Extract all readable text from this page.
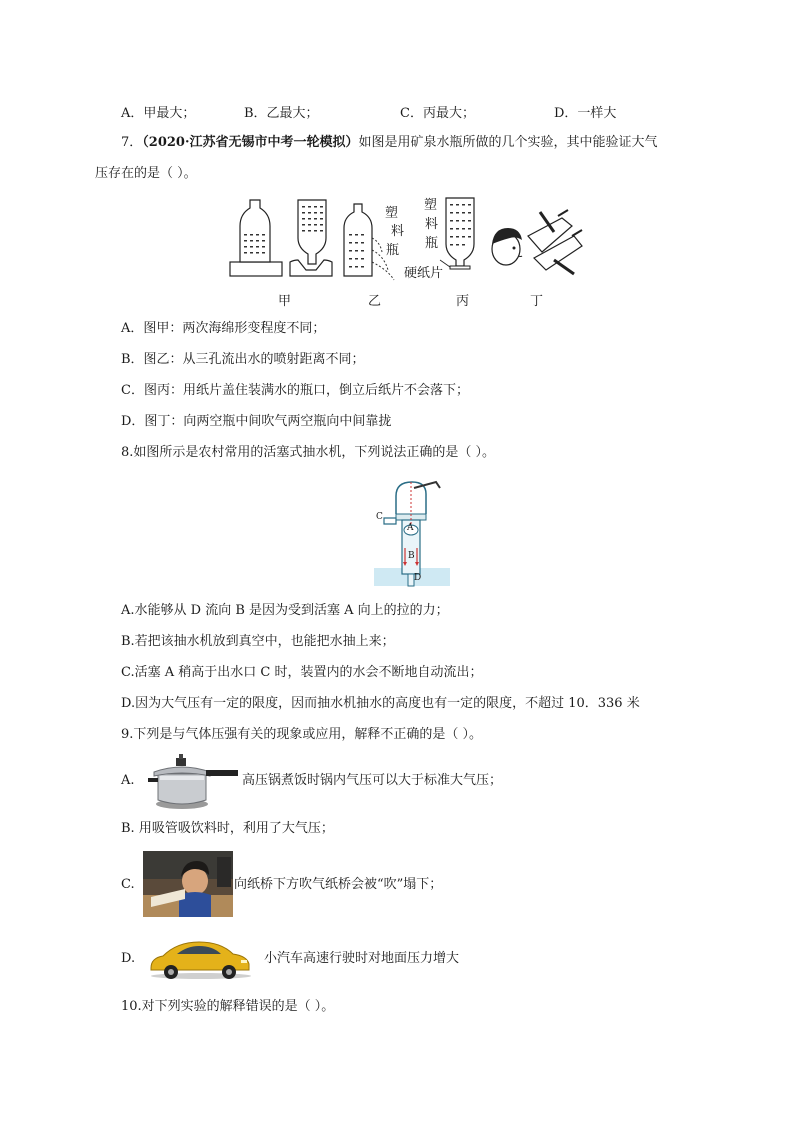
A．甲最大；	B．乙最大；	C．丙最大；	D．一样大
7．（2020·江苏省无锡市中考一轮模拟）如图是用矿泉水瓶所做的几个实验，其中能验证大气
压存在的是（ ）。
塑
料
瓶
塑
料
瓶
硬纸片
甲	乙	丙	丁
A．图甲：两次海绵形变程度不同；
B．图乙：从三孔流出水的喷射距离不同；
C．图丙：用纸片盖住装满水的瓶口，倒立后纸片不会落下；
D．图丁：向两空瓶中间吹气两空瓶向中间靠拢
8.如图所示是农村常用的活塞式抽水机，下列说法正确的是（ ）。
A
B
C
D
A.水能够从 D 流向 B 是因为受到活塞 A 向上的拉的力；
B.若把该抽水机放到真空中，也能把水抽上来；
C.活塞 A 稍高于出水口 C 时，装置内的水会不断地自动流出；
D.因为大气压有一定的限度，因而抽水机抽水的高度也有一定的限度，不超过 10．336 米
9.下列是与气体压强有关的现象或应用，解释不正确的是（ ）。
A.	高压锅煮饭时锅内气压可以大于标准大气压；
B. 用吸管吸饮料时，利用了大气压；
C.	向纸桥下方吹气纸桥会被“吹”塌下；
D.	小汽车高速行驶时对地面压力增大
10.对下列实验的解释错误的是（ ）。
